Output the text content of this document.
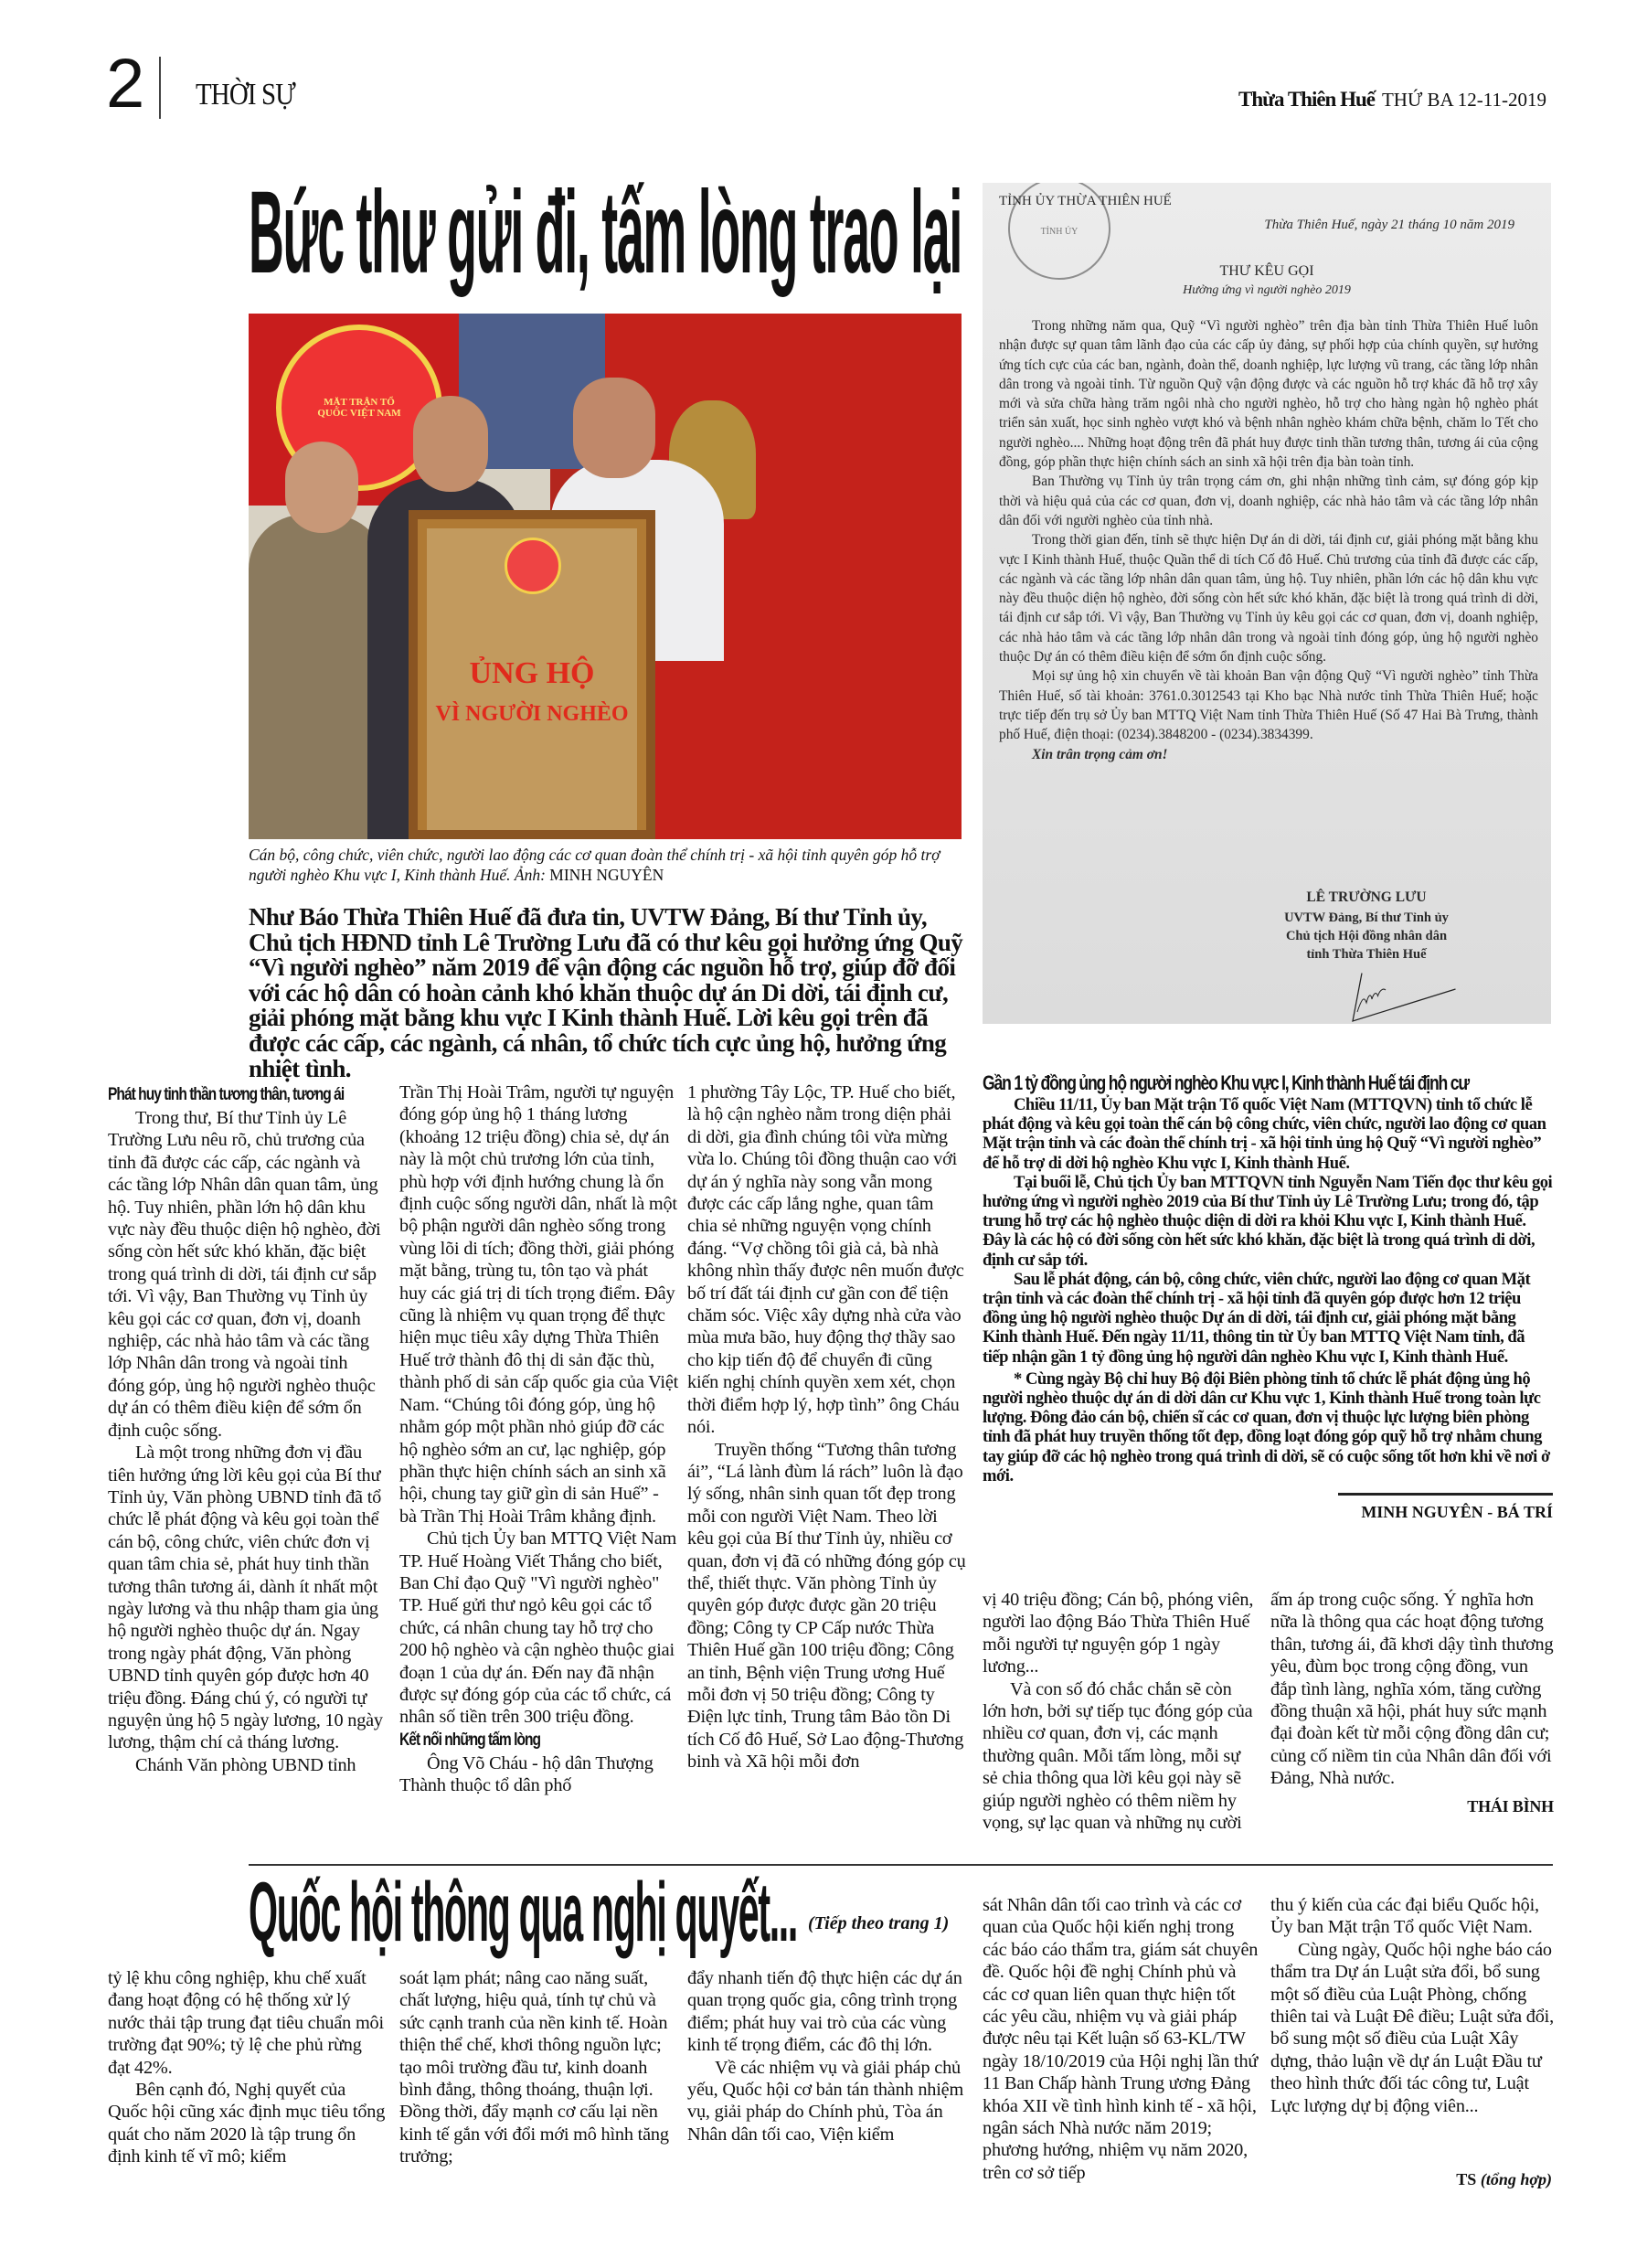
2 THỜI SỰ	Thừa Thiên Huế THỨ BA 12-11-2019
Bức thư gửi đi, tấm lòng trao lại
MẶT TRẬN TỔ QUỐC VIỆT NAM
ỦNG HỘ
VÌ NGƯỜI NGHÈO
Cán bộ, công chức, viên chức, người lao động các cơ quan đoàn thể chính trị - xã hội tỉnh quyên góp hỗ trợ người nghèo Khu vực I, Kinh thành Huế. Ảnh: MINH NGUYÊN
Như Báo Thừa Thiên Huế đã đưa tin, UVTW Đảng, Bí thư Tỉnh ủy, Chủ tịch HĐND tỉnh Lê Trường Lưu đã có thư kêu gọi hưởng ứng Quỹ “Vì người nghèo” năm 2019 để vận động các nguồn hỗ trợ, giúp đỡ đối với các hộ dân có hoàn cảnh khó khăn thuộc dự án Di dời, tái định cư, giải phóng mặt bằng khu vực I Kinh thành Huế. Lời kêu gọi trên đã được các cấp, các ngành, cá nhân, tổ chức tích cực ủng hộ, hưởng ứng nhiệt tình.
Phát huy tinh thần tương thân, tương ái

Trong thư, Bí thư Tỉnh ủy Lê Trường Lưu nêu rõ, chủ trương của tỉnh đã được các cấp, các ngành và các tầng lớp Nhân dân quan tâm, ủng hộ. Tuy nhiên, phần lớn hộ dân khu vực này đều thuộc diện hộ nghèo, đời sống còn hết sức khó khăn, đặc biệt trong quá trình di dời, tái định cư sắp tới. Vì vậy, Ban Thường vụ Tỉnh ủy kêu gọi các cơ quan, đơn vị, doanh nghiệp, các nhà hảo tâm và các tầng lớp Nhân dân trong và ngoài tỉnh đóng góp, ủng hộ người nghèo thuộc dự án có thêm điều kiện để sớm ổn định cuộc sống.

Là một trong những đơn vị đầu tiên hưởng ứng lời kêu gọi của Bí thư Tỉnh ủy, Văn phòng UBND tỉnh đã tổ chức lễ phát động và kêu gọi toàn thể cán bộ, công chức, viên chức đơn vị quan tâm chia sẻ, phát huy tinh thần tương thân tương ái, dành ít nhất một ngày lương và thu nhập tham gia ủng hộ người nghèo thuộc dự án. Ngay trong ngày phát động, Văn phòng UBND tỉnh quyên góp được hơn 40 triệu đồng. Đáng chú ý, có người tự nguyện ủng hộ 5 ngày lương, 10 ngày lương, thậm chí cả tháng lương.

Chánh Văn phòng UBND tỉnh

Trần Thị Hoài Trâm, người tự nguyện đóng góp ủng hộ 1 tháng lương (khoảng 12 triệu đồng) chia sẻ, dự án này là một chủ trương lớn của tỉnh, phù hợp với định hướng chung là ổn định cuộc sống người dân, nhất là một bộ phận người dân nghèo sống trong vùng lõi di tích; đồng thời, giải phóng mặt bằng, trùng tu, tôn tạo và phát huy các giá trị di tích trọng điểm. Đây cũng là nhiệm vụ quan trọng để thực hiện mục tiêu xây dựng Thừa Thiên Huế trở thành đô thị di sản đặc thù, thành phố di sản cấp quốc gia của Việt Nam. “Chúng tôi đóng góp, ủng hộ nhằm góp một phần nhỏ giúp đỡ các hộ nghèo sớm an cư, lạc nghiệp, góp phần thực hiện chính sách an sinh xã hội, chung tay giữ gìn di sản Huế” - bà Trần Thị Hoài Trâm khẳng định.

Chủ tịch Ủy ban MTTQ Việt Nam TP. Huế Hoàng Viết Thắng cho biết, Ban Chỉ đạo Quỹ "Vì người nghèo" TP. Huế gửi thư ngỏ kêu gọi các tổ chức, cá nhân chung tay hỗ trợ cho 200 hộ nghèo và cận nghèo thuộc giai đoạn 1 của dự án. Đến nay đã nhận được sự đóng góp của các tổ chức, cá nhân số tiền trên 300 triệu đồng.

Kết nối những tấm lòng

Ông Võ Cháu - hộ dân Thượng Thành thuộc tổ dân phố

1 phường Tây Lộc, TP. Huế cho biết, là hộ cận nghèo nằm trong diện phải di dời, gia đình chúng tôi vừa mừng vừa lo. Chúng tôi đồng thuận cao với dự án ý nghĩa này song vẫn mong được các cấp lắng nghe, quan tâm chia sẻ những nguyện vọng chính đáng. “Vợ chồng tôi già cả, bà nhà không nhìn thấy được nên muốn được bố trí đất tái định cư gần con để tiện chăm sóc. Việc xây dựng nhà cửa vào mùa mưa bão, huy động thợ thầy sao cho kịp tiến độ để chuyển đi cũng kiến nghị chính quyền xem xét, chọn thời điểm hợp lý, hợp tình” ông Cháu nói.

Truyền thống “Tương thân tương ái”, “Lá lành đùm lá rách” luôn là đạo lý sống, nhân sinh quan tốt đẹp trong mỗi con người Việt Nam. Theo lời kêu gọi của Bí thư Tỉnh ủy, nhiều cơ quan, đơn vị đã có những đóng góp cụ thể, thiết thực. Văn phòng Tỉnh ủy quyên góp được được gần 20 triệu đồng; Công ty CP Cấp nước Thừa Thiên Huế gần 100 triệu đồng; Công an tỉnh, Bệnh viện Trung ương Huế mỗi đơn vị 50 triệu đồng; Công ty Điện lực tỉnh, Trung tâm Bảo tồn Di tích Cố đô Huế, Sở Lao động-Thương binh và Xã hội mỗi đơn

TỈNH ỦY
TỈNH ỦY THỪA THIÊN HUẾ
Thừa Thiên Huế, ngày 21 tháng 10 năm 2019
THƯ KÊU GỌI
Hưởng ứng vì người nghèo 2019

Trong những năm qua, Quỹ “Vì người nghèo” trên địa bàn tỉnh Thừa Thiên Huế luôn nhận được sự quan tâm lãnh đạo của các cấp ủy đảng, sự phối hợp của chính quyền, sự hưởng ứng tích cực của các ban, ngành, đoàn thể, doanh nghiệp, lực lượng vũ trang, các tầng lớp nhân dân trong và ngoài tỉnh. Từ nguồn Quỹ vận động được và các nguồn hỗ trợ khác đã hỗ trợ xây mới và sửa chữa hàng trăm ngôi nhà cho người nghèo, hỗ trợ cho hàng ngàn hộ nghèo phát triển sản xuất, học sinh nghèo vượt khó và bệnh nhân nghèo khám chữa bệnh, chăm lo Tết cho người nghèo.... Những hoạt động trên đã phát huy được tinh thần tương thân, tương ái của cộng đồng, góp phần thực hiện chính sách an sinh xã hội trên địa bàn toàn tỉnh.

Ban Thường vụ Tỉnh ủy trân trọng cám ơn, ghi nhận những tình cảm, sự đóng góp kịp thời và hiệu quả của các cơ quan, đơn vị, doanh nghiệp, các nhà hảo tâm và các tầng lớp nhân dân đối với người nghèo của tỉnh nhà.

Trong thời gian đến, tỉnh sẽ thực hiện Dự án di dời, tái định cư, giải phóng mặt bằng khu vực I Kinh thành Huế, thuộc Quần thể di tích Cố đô Huế. Chủ trương của tỉnh đã được các cấp, các ngành và các tầng lớp nhân dân quan tâm, ủng hộ. Tuy nhiên, phần lớn các hộ dân khu vực này đều thuộc diện hộ nghèo, đời sống còn hết sức khó khăn, đặc biệt là trong quá trình di dời, tái định cư sắp tới. Vì vậy, Ban Thường vụ Tỉnh ủy kêu gọi các cơ quan, đơn vị, doanh nghiệp, các nhà hảo tâm và các tầng lớp nhân dân trong và ngoài tỉnh đóng góp, ủng hộ người nghèo thuộc Dự án có thêm điều kiện để sớm ổn định cuộc sống.

Mọi sự ủng hộ xin chuyển về tài khoản Ban vận động Quỹ “Vì người nghèo” tỉnh Thừa Thiên Huế, số tài khoản: 3761.0.3012543 tại Kho bạc Nhà nước tỉnh Thừa Thiên Huế; hoặc trực tiếp đến trụ sở Ủy ban MTTQ Việt Nam tỉnh Thừa Thiên Huế (Số 47 Hai Bà Trưng, thành phố Huế, điện thoại: (0234).3848200 - (0234).3834399.

Xin trân trọng cảm ơn!
LÊ TRƯỜNG LƯU
UVTW Đảng, Bí thư Tỉnh ủy
Chủ tịch Hội đồng nhân dân
tỉnh Thừa Thiên Huế
Gần 1 tỷ đồng ủng hộ người nghèo Khu vực I, Kinh thành Huế tái định cư

Chiều 11/11, Ủy ban Mặt trận Tổ quốc Việt Nam (MTTQVN) tỉnh tổ chức lễ phát động và kêu gọi toàn thể cán bộ công chức, viên chức, người lao động cơ quan Mặt trận tỉnh và các đoàn thể chính trị - xã hội tỉnh ủng hộ Quỹ “Vì người nghèo” để hỗ trợ di dời hộ nghèo Khu vực I, Kinh thành Huế.

Tại buổi lễ, Chủ tịch Ủy ban MTTQVN tỉnh Nguyễn Nam Tiến đọc thư kêu gọi hưởng ứng vì người nghèo 2019 của Bí thư Tỉnh ủy Lê Trường Lưu; trong đó, tập trung hỗ trợ các hộ nghèo thuộc diện di dời ra khỏi Khu vực I, Kinh thành Huế. Đây là các hộ có đời sống còn hết sức khó khăn, đặc biệt là trong quá trình di dời, định cư sắp tới.

Sau lễ phát động, cán bộ, công chức, viên chức, người lao động cơ quan Mặt trận tỉnh và các đoàn thể chính trị - xã hội tỉnh đã quyên góp được hơn 12 triệu đồng ủng hộ người nghèo thuộc Dự án di dời, tái định cư, giải phóng mặt bằng Kinh thành Huế. Đến ngày 11/11, thông tin từ Ủy ban MTTQ Việt Nam tỉnh, đã tiếp nhận gần 1 tỷ đồng ủng hộ người dân nghèo Khu vực I, Kinh thành Huế.

* Cùng ngày Bộ chỉ huy Bộ đội Biên phòng tỉnh tổ chức lễ phát động ủng hộ người nghèo thuộc dự án di dời dân cư Khu vực 1, Kinh thành Huế trong toàn lực lượng. Đông đảo cán bộ, chiến sĩ các cơ quan, đơn vị thuộc lực lượng biên phòng tỉnh đã phát huy truyền thống tốt đẹp, đồng loạt đóng góp quỹ hỗ trợ nhằm chung tay giúp đỡ các hộ nghèo trong quá trình di dời, sẽ có cuộc sống tốt hơn khi về nơi ở mới.

MINH NGUYÊN - BÁ TRÍ

vị 40 triệu đồng; Cán bộ, phóng viên, người lao động Báo Thừa Thiên Huế mỗi người tự nguyện góp 1 ngày lương...

Và con số đó chắc chắn sẽ còn lớn hơn, bởi sự tiếp tục đóng góp của nhiều cơ quan, đơn vị, các mạnh thường quân. Mỗi tấm lòng, mỗi sự sẻ chia thông qua lời kêu gọi này sẽ giúp người nghèo có thêm niềm hy vọng, sự lạc quan và những nụ cười

ấm áp trong cuộc sống. Ý nghĩa hơn nữa là thông qua các hoạt động tương thân, tương ái, đã khơi dậy tình thương yêu, đùm bọc trong cộng đồng, vun đắp tình làng, nghĩa xóm, tăng cường đồng thuận xã hội, phát huy sức mạnh đại đoàn kết từ mỗi cộng đồng dân cư; củng cố niềm tin của Nhân dân đối với Đảng, Nhà nước.

THÁI BÌNH
Quốc hội thông qua nghị quyết... (Tiếp theo trang 1)

tỷ lệ khu công nghiệp, khu chế xuất đang hoạt động có hệ thống xử lý nước thải tập trung đạt tiêu chuẩn môi trường đạt 90%; tỷ lệ che phủ rừng đạt 42%.

Bên cạnh đó, Nghị quyết của Quốc hội cũng xác định mục tiêu tổng quát cho năm 2020 là tập trung ổn định kinh tế vĩ mô; kiểm

soát lạm phát; nâng cao năng suất, chất lượng, hiệu quả, tính tự chủ và sức cạnh tranh của nền kinh tế. Hoàn thiện thể chế, khơi thông nguồn lực; tạo môi trường đầu tư, kinh doanh bình đẳng, thông thoáng, thuận lợi. Đồng thời, đẩy mạnh cơ cấu lại nền kinh tế gắn với đổi mới mô hình tăng trưởng;

đẩy nhanh tiến độ thực hiện các dự án quan trọng quốc gia, công trình trọng điểm; phát huy vai trò của các vùng kinh tế trọng điểm, các đô thị lớn.

Về các nhiệm vụ và giải pháp chủ yếu, Quốc hội cơ bản tán thành nhiệm vụ, giải pháp do Chính phủ, Tòa án Nhân dân tối cao, Viện kiểm

sát Nhân dân tối cao trình và các cơ quan của Quốc hội kiến nghị trong các báo cáo thẩm tra, giám sát chuyên đề. Quốc hội đề nghị Chính phủ và các cơ quan liên quan thực hiện tốt các yêu cầu, nhiệm vụ và giải pháp được nêu tại Kết luận số 63-KL/TW ngày 18/10/2019 của Hội nghị lần thứ 11 Ban Chấp hành Trung ương Đảng khóa XII về tình hình kinh tế - xã hội, ngân sách Nhà nước năm 2019; phương hướng, nhiệm vụ năm 2020, trên cơ sở tiếp

thu ý kiến của các đại biểu Quốc hội, Ủy ban Mặt trận Tổ quốc Việt Nam.

Cùng ngày, Quốc hội nghe báo cáo thẩm tra Dự án Luật sửa đổi, bổ sung một số điều của Luật Phòng, chống thiên tai và Luật Đê điều; Luật sửa đổi, bổ sung một số điều của Luật Xây dựng, thảo luận về dự án Luật Đầu tư theo hình thức đối tác công tư, Luật Lực lượng dự bị động viên...

TS (tổng hợp)
